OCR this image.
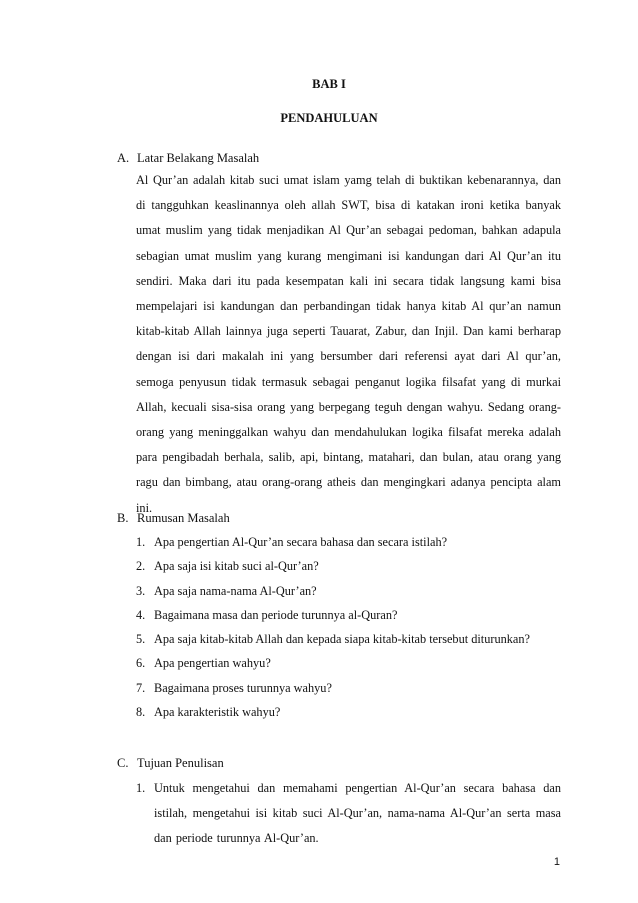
BAB I
PENDAHULUAN
A. Latar Belakang Masalah

Al Qur’an adalah kitab suci umat islam yamg telah di buktikan kebenarannya, dan di tangguhkan keaslinannya oleh allah SWT, bisa di katakan ironi ketika banyak umat muslim yang tidak menjadikan Al Qur’an sebagai pedoman, bahkan adapula sebagian umat muslim yang kurang mengimani isi kandungan dari Al Qur’an itu sendiri. Maka dari itu pada kesempatan kali ini secara tidak langsung kami bisa mempelajari isi kandungan dan perbandingan tidak hanya kitab Al qur’an namun kitab-kitab Allah lainnya juga seperti Tauarat, Zabur, dan Injil. Dan kami berharap dengan isi dari makalah ini yang bersumber dari referensi ayat dari Al qur’an, semoga penyusun tidak termasuk sebagai penganut logika filsafat yang di murkai Allah, kecuali sisa-sisa orang yang berpegang teguh dengan wahyu. Sedang orang-orang yang meninggalkan wahyu dan mendahulukan logika filsafat mereka adalah para pengibadah berhala, salib, api, bintang, matahari, dan bulan, atau orang yang ragu dan bimbang, atau orang-orang atheis dan mengingkari adanya pencipta alam ini.

B. Rumusan Masalah
1. Apa pengertian Al-Qur’an secara bahasa dan secara istilah?
2. Apa saja isi kitab suci al-Qur’an?
3. Apa saja nama-nama Al-Qur’an?
4. Bagaimana masa dan periode turunnya al-Quran?
5. Apa saja kitab-kitab Allah dan kepada siapa kitab-kitab tersebut diturunkan?
6. Apa pengertian wahyu?
7. Bagaimana proses turunnya wahyu?
8. Apa karakteristik wahyu?
C. Tujuan Penulisan
1. Untuk mengetahui dan memahami pengertian Al-Qur’an secara bahasa dan istilah, mengetahui isi kitab suci Al-Qur’an, nama-nama Al-Qur’an serta masa dan periode turunnya Al-Qur’an.

1
